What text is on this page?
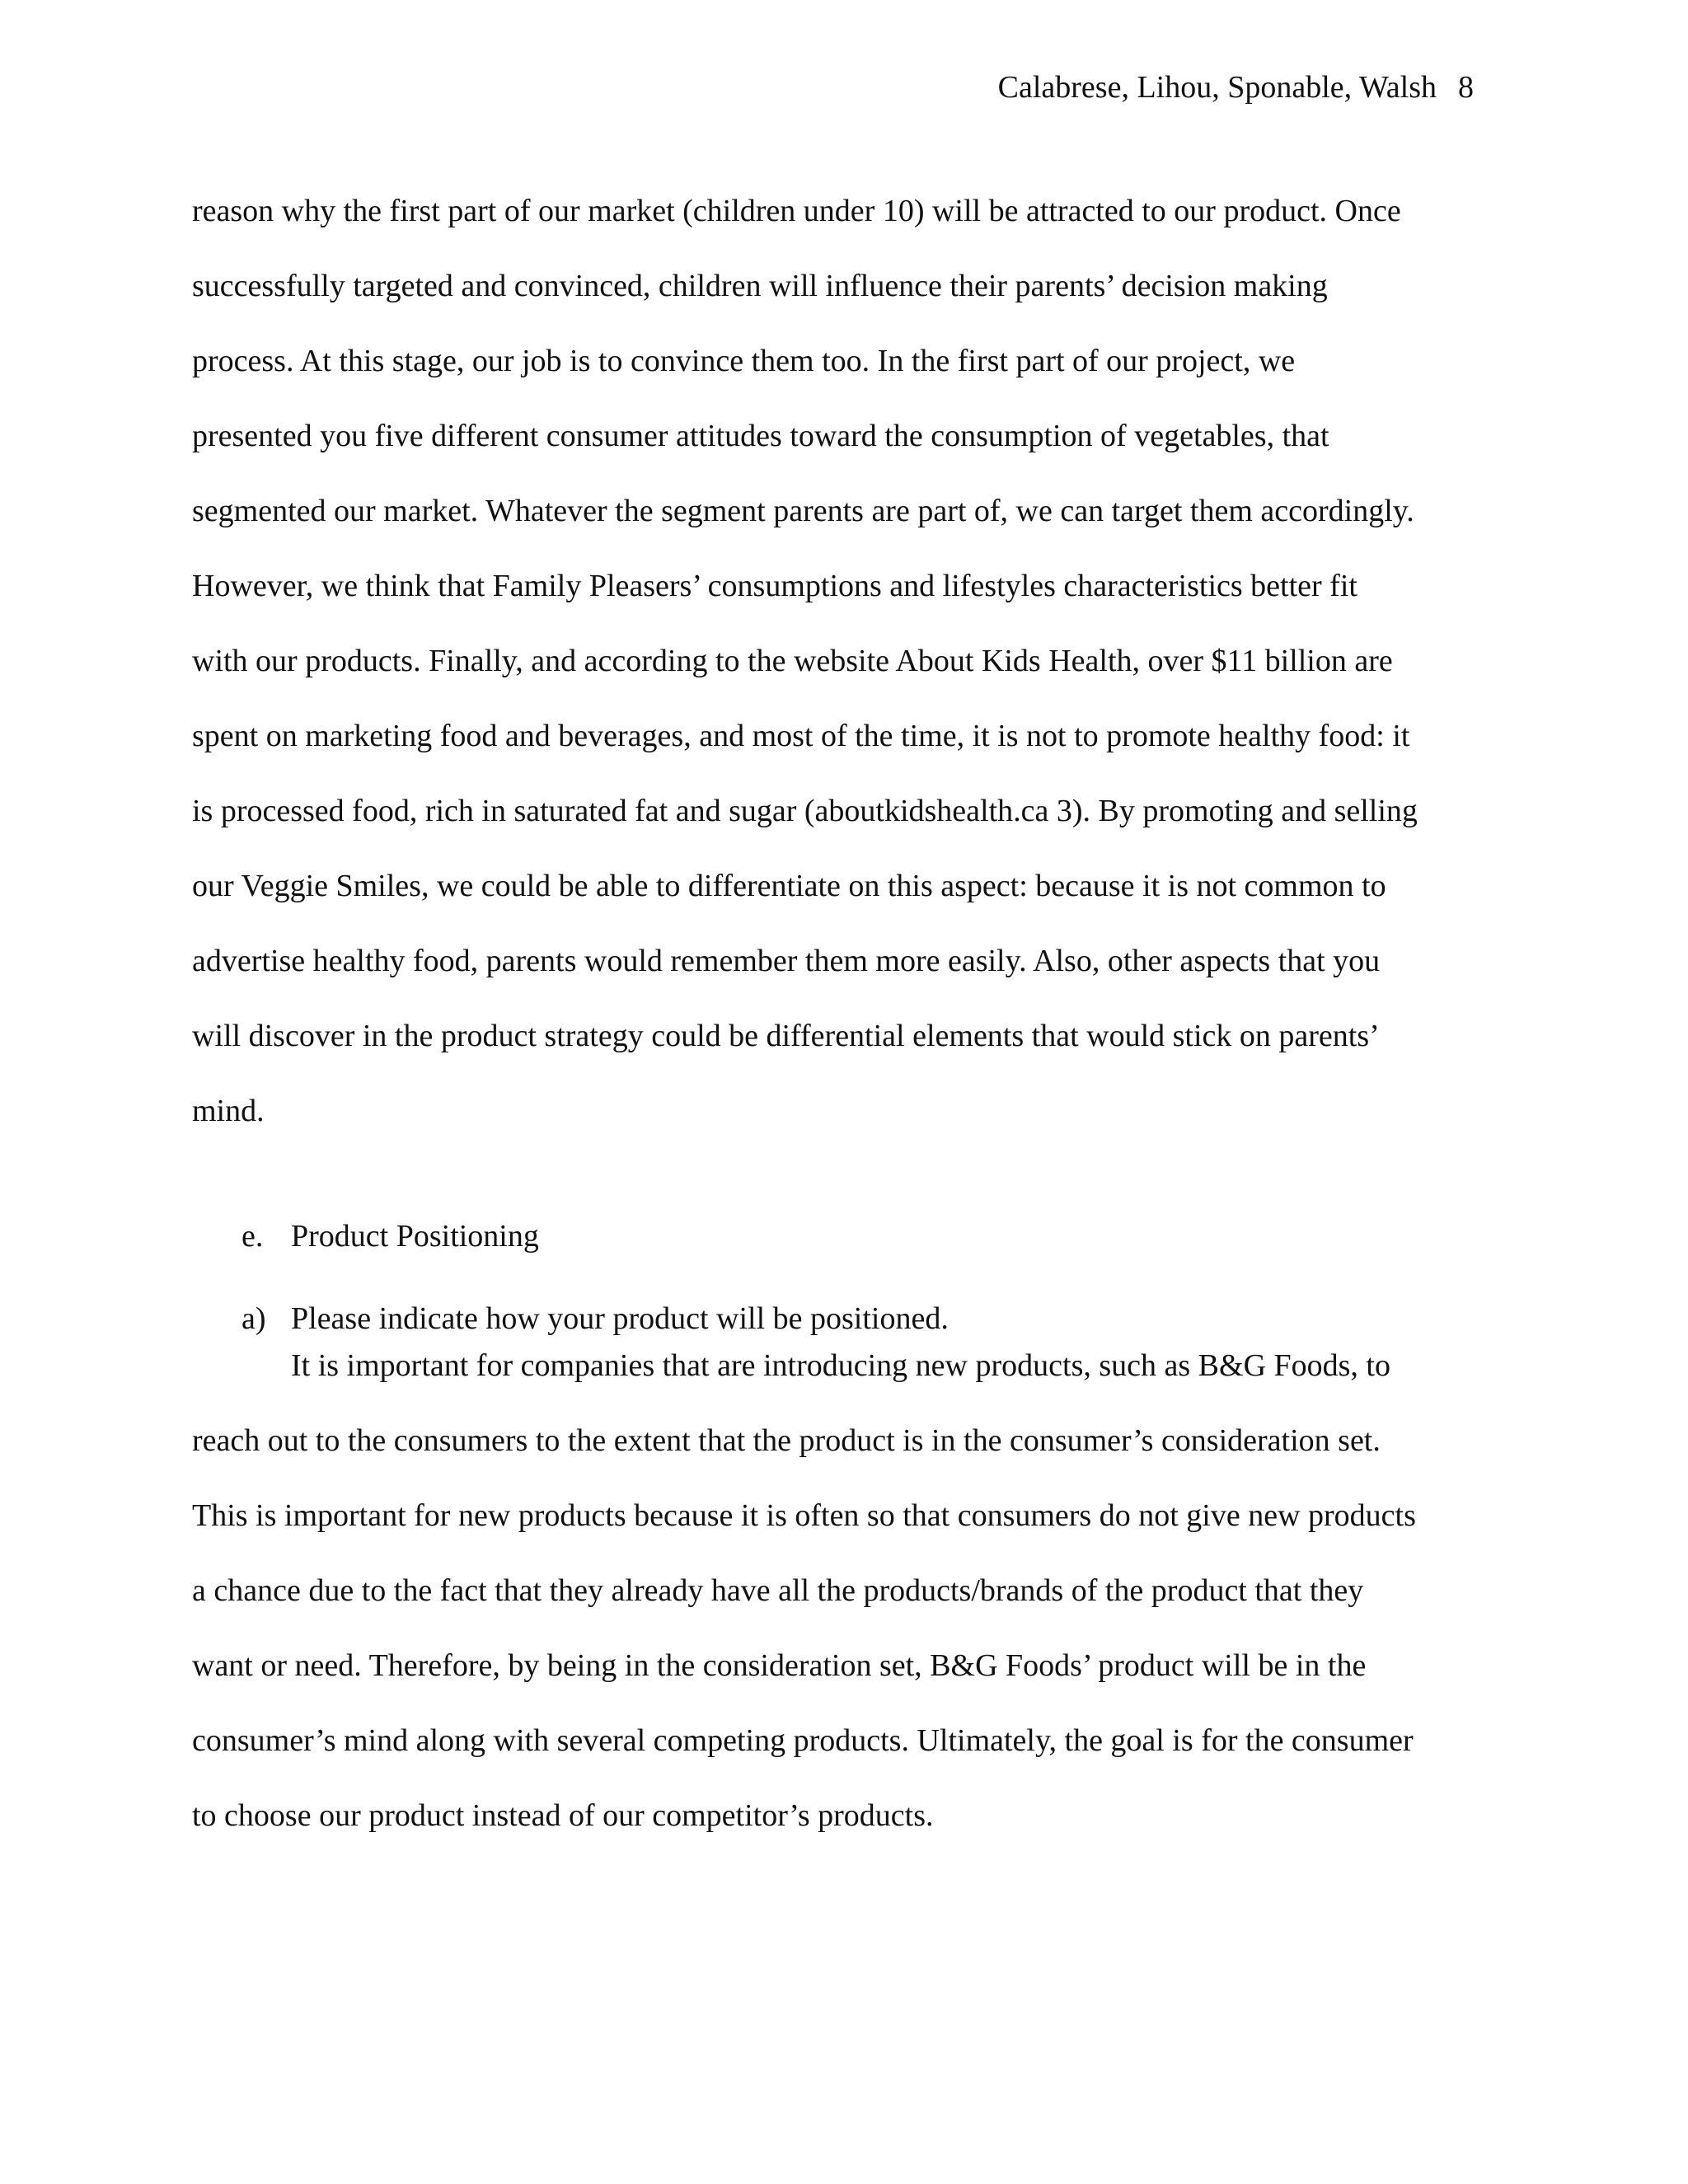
Calabrese, Lihou, Sponable, Walsh 8
reason why the first part of our market (children under 10) will be attracted to our product. Once
successfully targeted and convinced, children will influence their parents’ decision making
process. At this stage, our job is to convince them too. In the first part of our project, we
presented you five different consumer attitudes toward the consumption of vegetables, that
segmented our market. Whatever the segment parents are part of, we can target them accordingly.
However, we think that Family Pleasers’ consumptions and lifestyles characteristics better fit
with our products. Finally, and according to the website About Kids Health, over $11 billion are
spent on marketing food and beverages, and most of the time, it is not to promote healthy food: it
is processed food, rich in saturated fat and sugar (aboutkidshealth.ca 3). By promoting and selling
our Veggie Smiles, we could be able to differentiate on this aspect: because it is not common to
advertise healthy food, parents would remember them more easily. Also, other aspects that you
will discover in the product strategy could be differential elements that would stick on parents’
mind.
e. Product Positioning
a) Please indicate how your product will be positioned.
It is important for companies that are introducing new products, such as B&G Foods, to
reach out to the consumers to the extent that the product is in the consumer’s consideration set.
This is important for new products because it is often so that consumers do not give new products
a chance due to the fact that they already have all the products/brands of the product that they
want or need. Therefore, by being in the consideration set, B&G Foods’ product will be in the
consumer’s mind along with several competing products. Ultimately, the goal is for the consumer
to choose our product instead of our competitor’s products.
